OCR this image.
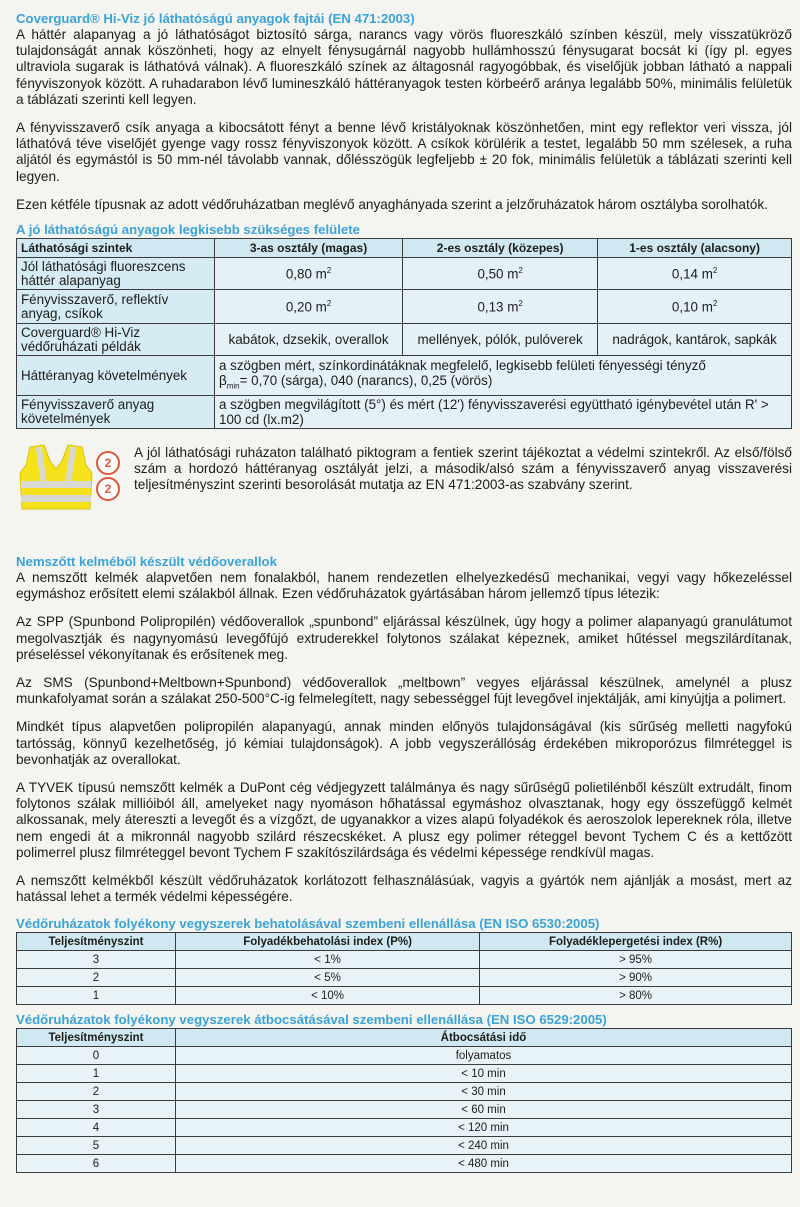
Coverguard® Hi-Viz jó láthatóságú anyagok fajtái (EN 471:2003)

A háttér alapanyag a jó láthatóságot biztosító sárga, narancs vagy vörös fluoreszkáló színben készül, mely visszatükröző tulajdonságát annak köszönheti, hogy az elnyelt fénysugárnál nagyobb hullámhosszú fénysugarat bocsát ki (így pl. egyes ultraviola sugarak is láthatóvá válnak). A fluoreszkáló színek az áltagosnál ragyogóbbak, és viselőjük jobban látható a nappali fényviszonyok között. A ruhadarabon lévő lumineszkáló háttéranyagok testen körbeérő aránya legalább 50%, minimális felületük a táblázati szerinti kell legyen.

A fényvisszaverő csík anyaga a kibocsátott fényt a benne lévő kristályoknak köszönhetően, mint egy reflektor veri vissza, jól láthatóvá téve viselőjét gyenge vagy rossz fényviszonyok között. A csíkok körülérik a testet, legalább 50 mm szélesek, a ruha aljától és egymástól is 50 mm-nél távolabb vannak, dőlésszögük legfeljebb ± 20 fok, minimális felületük a táblázati szerinti kell legyen.

Ezen kétféle típusnak az adott védőruházatban meglévő anyaghányada szerint a jelzőruházatok három osztályba sorolhatók.

A jó láthatóságú anyagok legkisebb szükséges felülete
Láthatósági szintek	3-as osztály (magas)	2-es osztály (közepes)	1-es osztály (alacsony)
Jól láthatósági fluoreszcens háttér alapanyag	0,80 $m^2$	0,50 $m^2$	0,14 $m^2$
Fényvisszaverő, reflektív anyag, csíkok	0,20 $m^2$	0,13 $m^2$	0,10 $m^2$
Coverguard® Hi-Viz védőruházati példák	kabátok, dzsekik, overallok	mellények, pólók, pulóverek	nadrágok, kantárok, sapkák
Háttéranyag követelmények	a szögben mért, színkordinátáknak megfelelő, legkisebb felületi fényességi tényző
$\beta_{min}= 0,70$ (sárga), 040 (narancs), 0,25 (vörös)		

Fényvisszaverő anyag követelmények	a szögben megvilágított (5°) és mért (12') fényvisszaverési együttható igénybevétel után R' > 100 cd (lx.m2)		
2
2
A jól láthatósági ruházaton található piktogram a fentiek szerint tájékoztat a védelmi szintekről. Az első/fölső szám a hordozó háttéranyag osztályát jelzi, a második/alsó szám a fényvisszaverő anyag visszaverési teljesítményszint szerinti besorolását mutatja az EN 471:2003-as szabvány szerint.
Nemszőtt kelméből készült védőoverallok

A nemszőtt kelmék alapvetően nem fonalakból, hanem rendezetlen elhelyezkedésű mechanikai, vegyi vagy hőkezeléssel egymáshoz erősített elemi szálakból állnak. Ezen védőruházatok gyártásában három jellemző típus létezik:

Az SPP (Spunbond Polipropilén) védőoverallok „spunbond” eljárással készülnek, úgy hogy a polimer alapanyagú granulátumot megolvasztják és nagynyomású levegőfújó extruderekkel folytonos szálakat képeznek, amiket hűtéssel megszilárdítanak, préseléssel vékonyítanak és erősítenek meg.

Az SMS (Spunbond+Meltbown+Spunbond) védőoverallok „meltbown” vegyes eljárással készülnek, amelynél a plusz munkafolyamat során a szálakat 250-500°C-ig felmelegített, nagy sebességgel fújt levegővel injektálják, ami kinyújtja a polimert.

Mindkét típus alapvetően polipropilén alapanyagú, annak minden előnyös tulajdonságával (kis sűrűség melletti nagyfokú tartósság, könnyű kezelhetőség, jó kémiai tulajdonságok). A jobb vegyszerállóság érdekében mikroporózus filmréteggel is bevonhatják az overallokat.

A TYVEK típusú nemszőtt kelmék a DuPont cég védjegyzett találmánya és nagy sűrűségű polietilénből készült extrudált, finom folytonos szálak millióiból áll, amelyeket nagy nyomáson hőhatással egymáshoz olvasztanak, hogy egy összefüggő kelmét alkossanak, mely átereszti a levegőt és a vízgőzt, de ugyanakkor a vizes alapú folyadékok és aeroszolok lepereknek róla, illetve nem engedi át a mikronnál nagyobb szilárd részecskéket. A plusz egy polimer réteggel bevont Tychem C és a kettőzött polimerrel plusz filmréteggel bevont Tychem F szakítószilárdsága és védelmi képessége rendkívül magas.

A nemszőtt kelmékből készült védőruházatok korlátozott felhasználásúak, vagyis a gyártók nem ajánlják a mosást, mert az hatással lehet a termék védelmi képességére.

Védőruházatok folyékony vegyszerek behatolásával szembeni ellenállása (EN ISO 6530:2005)
Teljesítményszint	Folyadékbehatolási index (P%)	Folyadéklepergetési index (R%)
3	< 1%	> 95%
2	< 5%	> 90%
1	< 10%	> 80%
Védőruházatok folyékony vegyszerek átbocsátásával szembeni ellenállása (EN ISO 6529:2005)
Teljesítményszint	Átbocsátási idő
0	folyamatos
1	< 10 min
2	< 30 min
3	< 60 min
4	< 120 min
5	< 240 min
6	< 480 min
